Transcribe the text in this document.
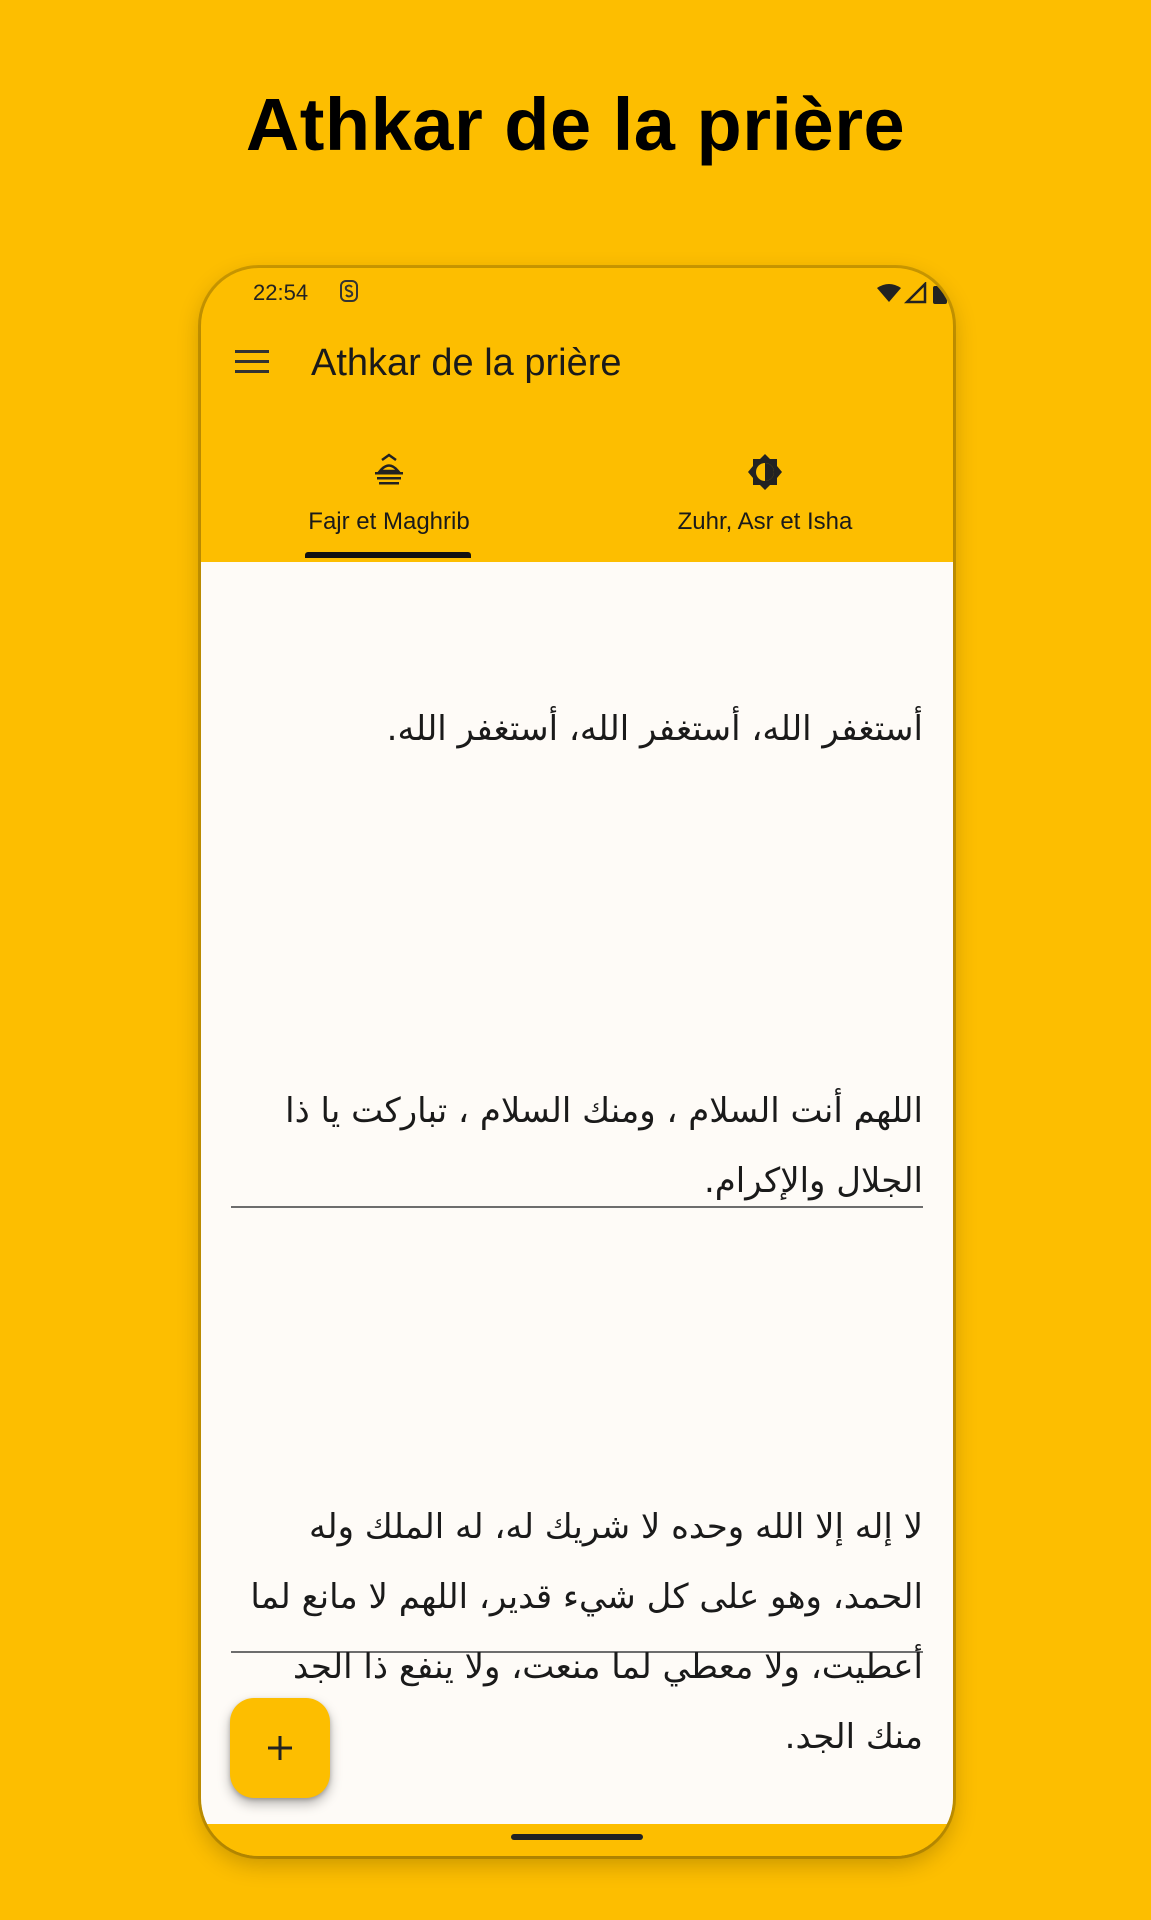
Athkar de la prière
22:54
Athkar de la prière
Fajr et Maghrib	Zuhr, Asr et Isha
أستغفر الله، أستغفر الله، أستغفر الله.
اللهم أنت السلام ، ومنك السلام ، تباركت يا ذا الجلال والإكرام.
لا إله إلا الله وحده لا شريك له، له الملك وله الحمد، وهو على كل شيء قدير، اللهم لا مانع لما أعطيت، ولا معطي لما منعت، ولا ينفع ذا الجد منك الجد.
